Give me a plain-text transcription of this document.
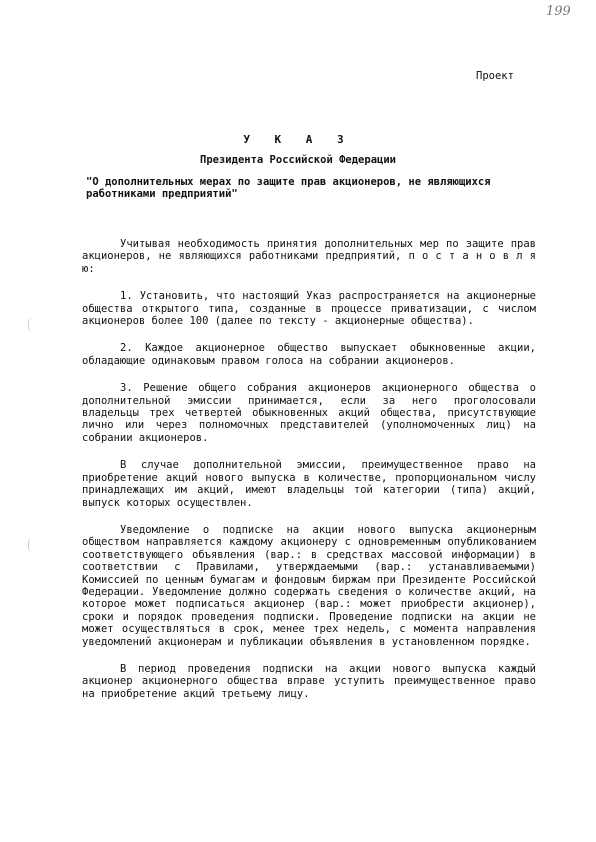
199
Проект
У К А З
Президента Российской Федерации
"О дополнительных мерах по защите прав акционеров, не являющихся работниками предприятий"

Учитывая необходимость принятия дополнительных мер по защите прав акционеров, не являющихся работниками предприятий, п о с т а н о в л я ю:

1. Установить, что настоящий Указ распространяется на акционерные общества открытого типа, созданные в процессе приватизации, с числом акционеров более 100 (далее по тексту - акционерные общества).

2. Каждое акционерное общество выпускает обыкновенные акции, обладающие одинаковым правом голоса на собрании акционеров.

3. Решение общего собрания акционеров акционерного общества о дополнительной эмиссии принимается, если за него проголосовали владельцы трех четвертей обыкновенных акций общества, присутствующие лично или через полномочных представителей (уполномоченных лиц) на собрании акционеров.

В случае дополнительной эмиссии, преимущественное право на приобретение акций нового выпуска в количестве, пропорциональном числу принадлежащих им акций, имеют владельцы той категории (типа) акций, выпуск которых осуществлен.

Уведомление о подписке на акции нового выпуска акционерным обществом направляется каждому акционеру с одновременным опубликованием соответствующего объявления (вар.: в средствах массовой информации) в соответствии с Правилами, утверждаемыми (вар.: устанавливаемыми) Комиссией по ценным бумагам и фондовым биржам при Президенте Российской Федерации. Уведомление должно содержать сведения о количестве акций, на которое может подписаться акционер (вар.: может приобрести акционер), сроки и порядок проведения подписки. Проведение подписки на акции не может осуществляться в срок, менее трех недель, с момента направления уведомлений акционерам и публикации объявления в установленном порядке.

В период проведения подписки на акции нового выпуска каждый акционер акционерного общества вправе уступить преимущественное право на приобретение акций третьему лицу.
